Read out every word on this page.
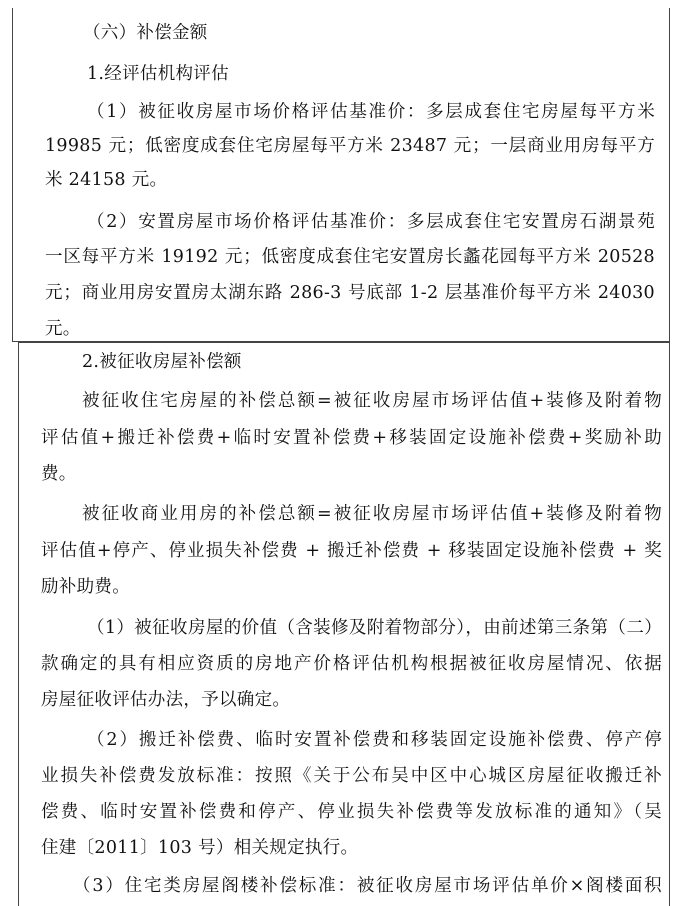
（六）补偿金额
1.经评估机构评估
（1）被征收房屋市场价格评估基准价：多层成套住宅房屋每平方米
19985 元；低密度成套住宅房屋每平方米 23487 元；一层商业用房每平方
米 24158 元。
（2）安置房屋市场价格评估基准价：多层成套住宅安置房石湖景苑
一区每平方米 19192 元；低密度成套住宅安置房长蠡花园每平方米 20528
元；商业用房安置房太湖东路 286-3 号底部 1-2 层基准价每平方米 24030
元。
2.被征收房屋补偿额
被征收住宅房屋的补偿总额=被征收房屋市场评估值+装修及附着物
评估值+搬迁补偿费+临时安置补偿费+移装固定设施补偿费+奖励补助
费。
被征收商业用房的补偿总额=被征收房屋市场评估值+装修及附着物
评估值+停产、停业损失补偿费 + 搬迁补偿费 + 移装固定设施补偿费 + 奖
励补助费。
（1）被征收房屋的价值（含装修及附着物部分），由前述第三条第（二）
款确定的具有相应资质的房地产价格评估机构根据被征收房屋情况、依据
房屋征收评估办法，予以确定。
（2）搬迁补偿费、临时安置补偿费和移装固定设施补偿费、停产停
业损失补偿费发放标准：按照《关于公布吴中区中心城区房屋征收搬迁补
偿费、临时安置补偿费和停产、停业损失补偿费等发放标准的通知》（吴
住建〔2011〕103 号）相关规定执行。
（3）住宅类房屋阁楼补偿标准：被征收房屋市场评估单价×阁楼面积
